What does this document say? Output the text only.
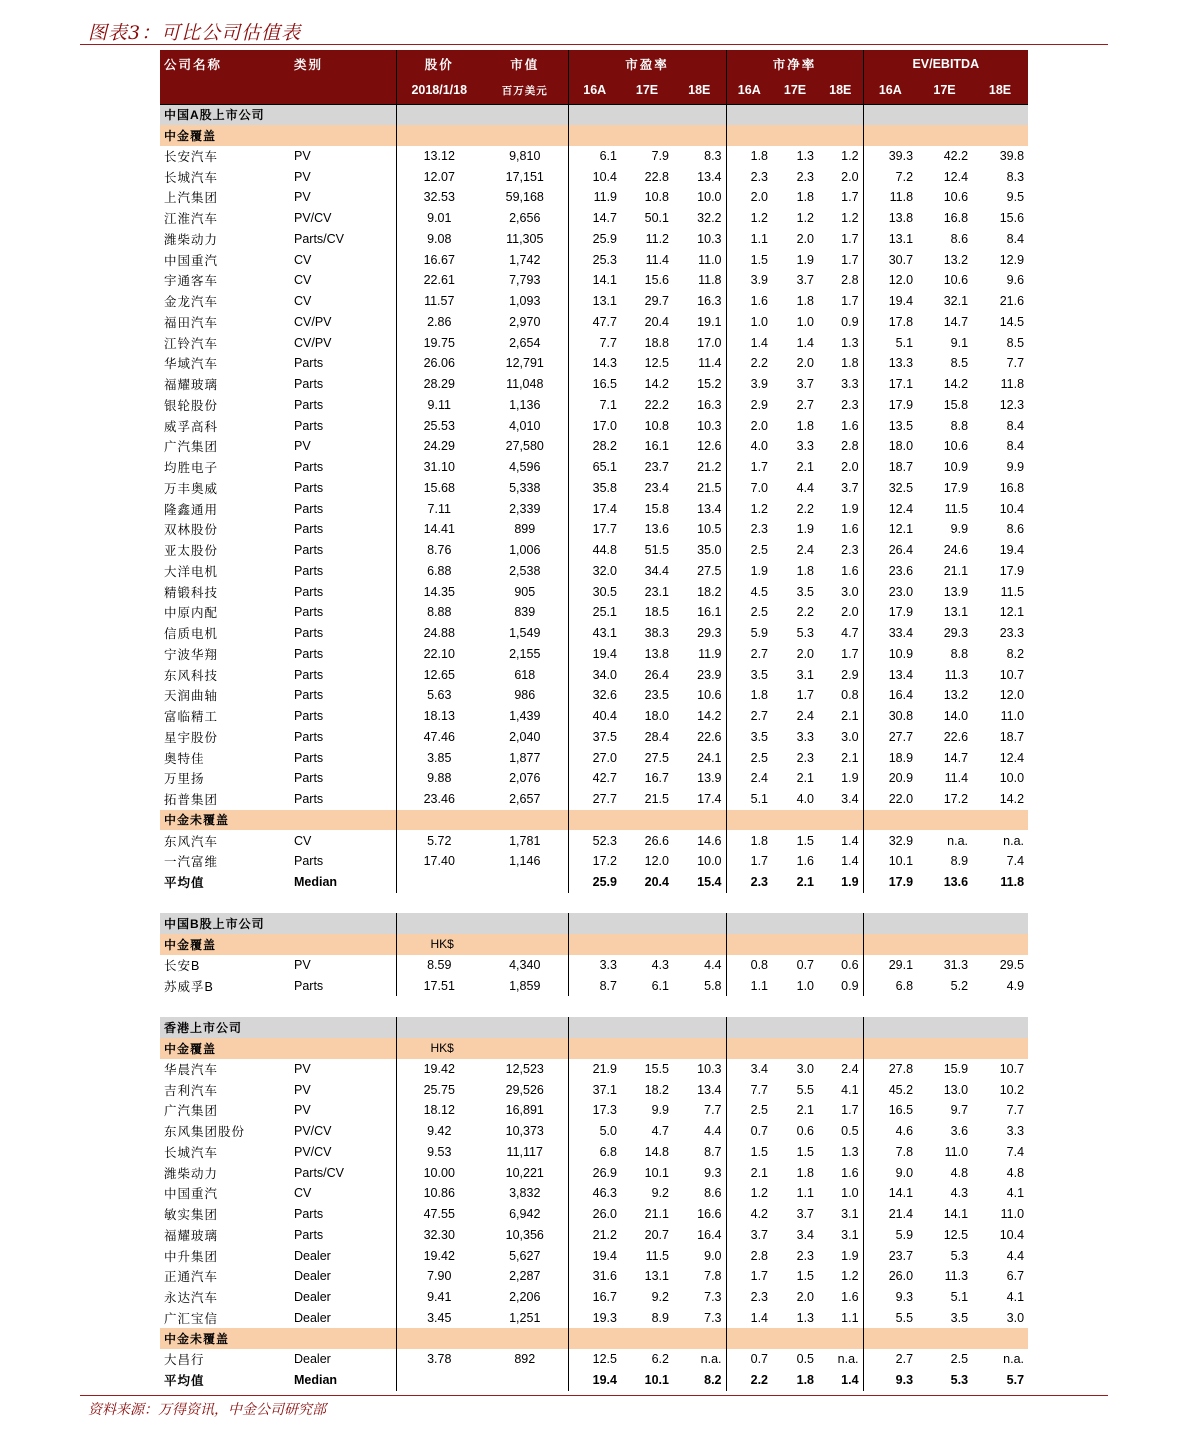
图表3：可比公司估值表
公司名称	类别	股价	市值	市盈率			市净率			EV/EBITDA		
		2018/1/18	百万美元	16A	17E	18E	16A	17E	18E	16A	17E	18E
中国A股上市公司												
中金覆盖												
长安汽车	PV	13.12	9,810	6.1	7.9	8.3	1.8	1.3	1.2	39.3	42.2	39.8
长城汽车	PV	12.07	17,151	10.4	22.8	13.4	2.3	2.3	2.0	7.2	12.4	8.3
上汽集团	PV	32.53	59,168	11.9	10.8	10.0	2.0	1.8	1.7	11.8	10.6	9.5
江淮汽车	PV/CV	9.01	2,656	14.7	50.1	32.2	1.2	1.2	1.2	13.8	16.8	15.6
潍柴动力	Parts/CV	9.08	11,305	25.9	11.2	10.3	1.1	2.0	1.7	13.1	8.6	8.4
中国重汽	CV	16.67	1,742	25.3	11.4	11.0	1.5	1.9	1.7	30.7	13.2	12.9
宇通客车	CV	22.61	7,793	14.1	15.6	11.8	3.9	3.7	2.8	12.0	10.6	9.6
金龙汽车	CV	11.57	1,093	13.1	29.7	16.3	1.6	1.8	1.7	19.4	32.1	21.6
福田汽车	CV/PV	2.86	2,970	47.7	20.4	19.1	1.0	1.0	0.9	17.8	14.7	14.5
江铃汽车	CV/PV	19.75	2,654	7.7	18.8	17.0	1.4	1.4	1.3	5.1	9.1	8.5
华域汽车	Parts	26.06	12,791	14.3	12.5	11.4	2.2	2.0	1.8	13.3	8.5	7.7
福耀玻璃	Parts	28.29	11,048	16.5	14.2	15.2	3.9	3.7	3.3	17.1	14.2	11.8
银轮股份	Parts	9.11	1,136	7.1	22.2	16.3	2.9	2.7	2.3	17.9	15.8	12.3
威孚高科	Parts	25.53	4,010	17.0	10.8	10.3	2.0	1.8	1.6	13.5	8.8	8.4
广汽集团	PV	24.29	27,580	28.2	16.1	12.6	4.0	3.3	2.8	18.0	10.6	8.4
均胜电子	Parts	31.10	4,596	65.1	23.7	21.2	1.7	2.1	2.0	18.7	10.9	9.9
万丰奥威	Parts	15.68	5,338	35.8	23.4	21.5	7.0	4.4	3.7	32.5	17.9	16.8
隆鑫通用	Parts	7.11	2,339	17.4	15.8	13.4	1.2	2.2	1.9	12.4	11.5	10.4
双林股份	Parts	14.41	899	17.7	13.6	10.5	2.3	1.9	1.6	12.1	9.9	8.6
亚太股份	Parts	8.76	1,006	44.8	51.5	35.0	2.5	2.4	2.3	26.4	24.6	19.4
大洋电机	Parts	6.88	2,538	32.0	34.4	27.5	1.9	1.8	1.6	23.6	21.1	17.9
精锻科技	Parts	14.35	905	30.5	23.1	18.2	4.5	3.5	3.0	23.0	13.9	11.5
中原内配	Parts	8.88	839	25.1	18.5	16.1	2.5	2.2	2.0	17.9	13.1	12.1
信质电机	Parts	24.88	1,549	43.1	38.3	29.3	5.9	5.3	4.7	33.4	29.3	23.3
宁波华翔	Parts	22.10	2,155	19.4	13.8	11.9	2.7	2.0	1.7	10.9	8.8	8.2
东风科技	Parts	12.65	618	34.0	26.4	23.9	3.5	3.1	2.9	13.4	11.3	10.7
天润曲轴	Parts	5.63	986	32.6	23.5	10.6	1.8	1.7	0.8	16.4	13.2	12.0
富临精工	Parts	18.13	1,439	40.4	18.0	14.2	2.7	2.4	2.1	30.8	14.0	11.0
星宇股份	Parts	47.46	2,040	37.5	28.4	22.6	3.5	3.3	3.0	27.7	22.6	18.7
奥特佳	Parts	3.85	1,877	27.0	27.5	24.1	2.5	2.3	2.1	18.9	14.7	12.4
万里扬	Parts	9.88	2,076	42.7	16.7	13.9	2.4	2.1	1.9	20.9	11.4	10.0
拓普集团	Parts	23.46	2,657	27.7	21.5	17.4	5.1	4.0	3.4	22.0	17.2	14.2
中金未覆盖												
东风汽车	CV	5.72	1,781	52.3	26.6	14.6	1.8	1.5	1.4	32.9	n.a.	n.a.
一汽富维	Parts	17.40	1,146	17.2	12.0	10.0	1.7	1.6	1.4	10.1	8.9	7.4
平均值	Median			25.9	20.4	15.4	2.3	2.1	1.9	17.9	13.6	11.8

中国B股上市公司												
中金覆盖		HK$										
长安B	PV	8.59	4,340	3.3	4.3	4.4	0.8	0.7	0.6	29.1	31.3	29.5
苏威孚B	Parts	17.51	1,859	8.7	6.1	5.8	1.1	1.0	0.9	6.8	5.2	4.9

香港上市公司												
中金覆盖		HK$										
华晨汽车	PV	19.42	12,523	21.9	15.5	10.3	3.4	3.0	2.4	27.8	15.9	10.7
吉利汽车	PV	25.75	29,526	37.1	18.2	13.4	7.7	5.5	4.1	45.2	13.0	10.2
广汽集团	PV	18.12	16,891	17.3	9.9	7.7	2.5	2.1	1.7	16.5	9.7	7.7
东风集团股份	PV/CV	9.42	10,373	5.0	4.7	4.4	0.7	0.6	0.5	4.6	3.6	3.3
长城汽车	PV/CV	9.53	11,117	6.8	14.8	8.7	1.5	1.5	1.3	7.8	11.0	7.4
潍柴动力	Parts/CV	10.00	10,221	26.9	10.1	9.3	2.1	1.8	1.6	9.0	4.8	4.8
中国重汽	CV	10.86	3,832	46.3	9.2	8.6	1.2	1.1	1.0	14.1	4.3	4.1
敏实集团	Parts	47.55	6,942	26.0	21.1	16.6	4.2	3.7	3.1	21.4	14.1	11.0
福耀玻璃	Parts	32.30	10,356	21.2	20.7	16.4	3.7	3.4	3.1	5.9	12.5	10.4
中升集团	Dealer	19.42	5,627	19.4	11.5	9.0	2.8	2.3	1.9	23.7	5.3	4.4
正通汽车	Dealer	7.90	2,287	31.6	13.1	7.8	1.7	1.5	1.2	26.0	11.3	6.7
永达汽车	Dealer	9.41	2,206	16.7	9.2	7.3	2.3	2.0	1.6	9.3	5.1	4.1
广汇宝信	Dealer	3.45	1,251	19.3	8.9	7.3	1.4	1.3	1.1	5.5	3.5	3.0
中金未覆盖												
大昌行	Dealer	3.78	892	12.5	6.2	n.a.	0.7	0.5	n.a.	2.7	2.5	n.a.
平均值	Median			19.4	10.1	8.2	2.2	1.8	1.4	9.3	5.3	5.7
资料来源：万得资讯，中金公司研究部
